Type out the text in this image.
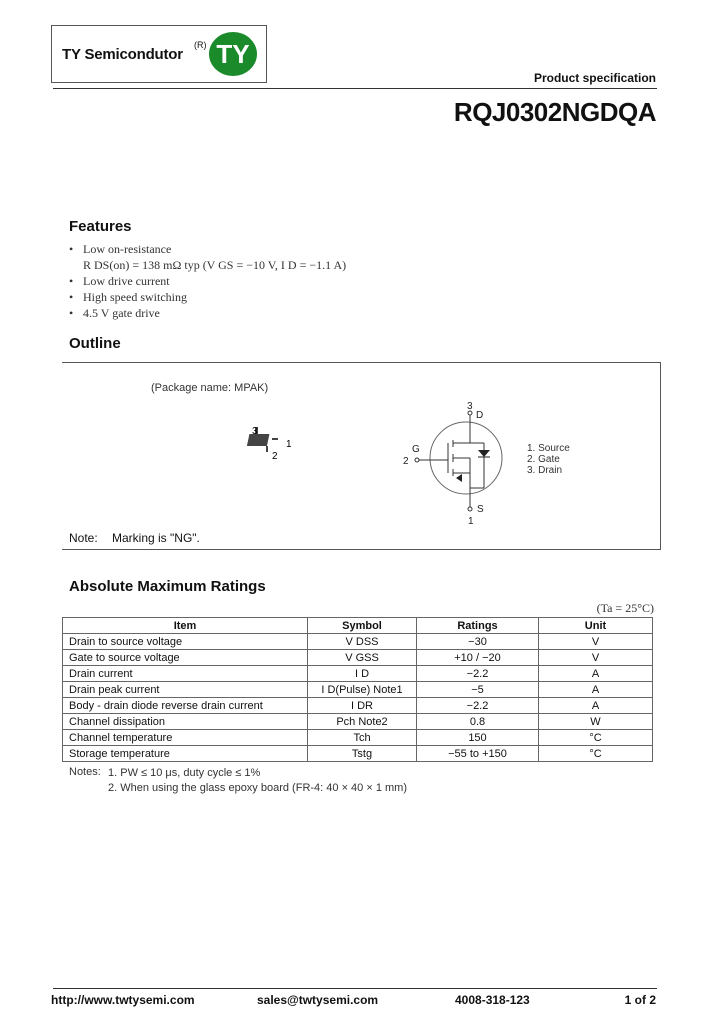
TY Semicondutor
(R) TY
Product specification
RQJ0302NGDQA
Features
• Low on-resistance
R DS(on) = 138 mΩ typ (V GS = −10 V, I D = −1.1 A)
• Low drive current
• High speed switching
• 4.5 V gate drive
Outline
(Package name: MPAK)
3
1
2
3
D
G
2
S
1
1. Source
2. Gate
3. Drain
Note: Marking is "NG".
Absolute Maximum Ratings
(Ta = 25°C)
Item	Symbol	Ratings	Unit
Drain to source voltage	V DSS	−30	V
Gate to source voltage	V GSS	+10 / −20	V
Drain current	I D	−2.2	A
Drain peak current	I D(Pulse) Note1	−5	A
Body - drain diode reverse drain current	I DR	−2.2	A
Channel dissipation	Pch Note2	0.8	W
Channel temperature	Tch	150	°C
Storage temperature	Tstg	−55 to +150	°C
Notes: 1. PW ≤ 10 μs, duty cycle ≤ 1%
2. When using the glass epoxy board (FR-4: 40 × 40 × 1 mm)
http://www.twtysemi.com	sales@twtysemi.com	4008-318-123	1 of 2
